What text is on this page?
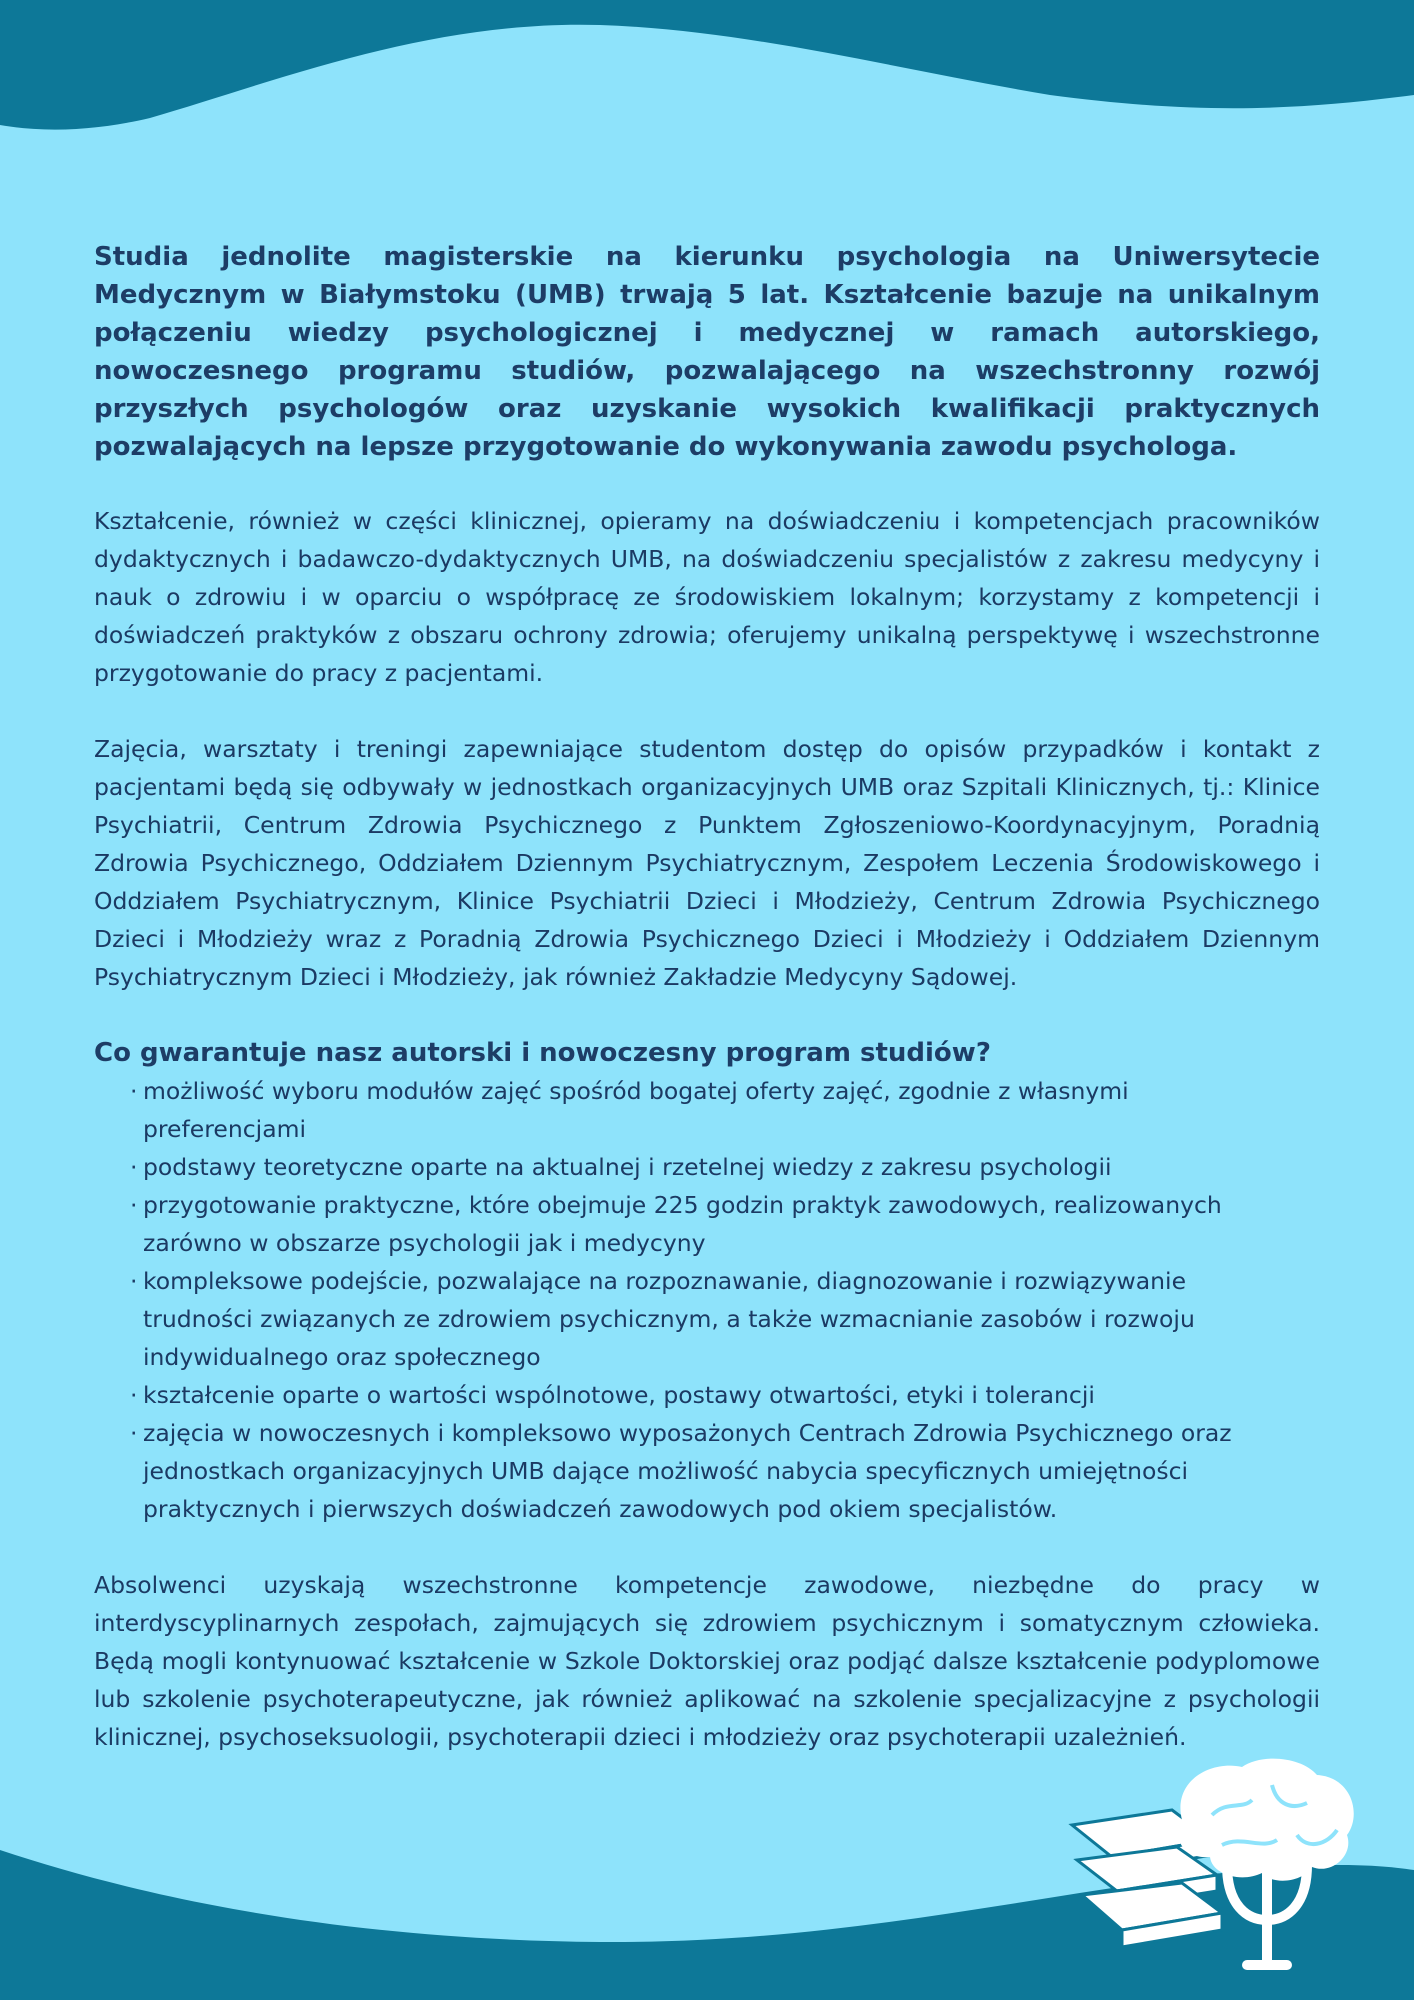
Studia jednolite magisterskie na kierunku psychologia na Uniwersytecie Medycznym w Białymstoku (UMB) trwają 5 lat. Kształcenie bazuje na unikalnym połączeniu wiedzy psychologicznej i medycznej w ramach autorskiego, nowoczesnego programu studiów, pozwalającego na wszechstronny rozwój przyszłych psychologów oraz uzyskanie wysokich kwalifikacji praktycznych pozwalających na lepsze przygotowanie do wykonywania zawodu psychologa.

Kształcenie, również w części klinicznej, opieramy na doświadczeniu i kompetencjach pracowników dydaktycznych i badawczo-dydaktycznych UMB, na doświadczeniu specjalistów z zakresu medycyny i nauk o zdrowiu i w oparciu o współpracę ze środowiskiem lokalnym; korzystamy z kompetencji i doświadczeń praktyków z obszaru ochrony zdrowia; oferujemy unikalną perspektywę i wszechstronne przygotowanie do pracy z pacjentami.

Zajęcia, warsztaty i treningi zapewniające studentom dostęp do opisów przypadków i kontakt z pacjentami będą się odbywały w jednostkach organizacyjnych UMB oraz Szpitali Klinicznych, tj.: Klinice Psychiatrii, Centrum Zdrowia Psychicznego z Punktem Zgłoszeniowo-Koordynacyjnym, Poradnią Zdrowia Psychicznego, Oddziałem Dziennym Psychiatrycznym, Zespołem Leczenia Środowiskowego i Oddziałem Psychiatrycznym, Klinice Psychiatrii Dzieci i Młodzieży, Centrum Zdrowia Psychicznego Dzieci i Młodzieży wraz z Poradnią Zdrowia Psychicznego Dzieci i Młodzieży i Oddziałem Dziennym Psychiatrycznym Dzieci i Młodzieży, jak również Zakładzie Medycyny Sądowej.

Co gwarantuje nasz autorski i nowoczesny program studiów?
· możliwość wyboru modułów zajęć spośród bogatej oferty zajęć, zgodnie z własnymi preferencjami
· podstawy teoretyczne oparte na aktualnej i rzetelnej wiedzy z zakresu psychologii
· przygotowanie praktyczne, które obejmuje 225 godzin praktyk zawodowych, realizowanych zarówno w obszarze psychologii jak i medycyny
· kompleksowe podejście, pozwalające na rozpoznawanie, diagnozowanie i rozwiązywanie trudności związanych ze zdrowiem psychicznym, a także wzmacnianie zasobów i rozwoju indywidualnego oraz społecznego
· kształcenie oparte o wartości wspólnotowe, postawy otwartości, etyki i tolerancji
· zajęcia w nowoczesnych i kompleksowo wyposażonych Centrach Zdrowia Psychicznego oraz jednostkach organizacyjnych UMB dające możliwość nabycia specyficznych umiejętności praktycznych i pierwszych doświadczeń zawodowych pod okiem specjalistów.

Absolwenci uzyskają wszechstronne kompetencje zawodowe, niezbędne do pracy w interdyscyplinarnych zespołach, zajmujących się zdrowiem psychicznym i somatycznym człowieka. Będą mogli kontynuować kształcenie w Szkole Doktorskiej oraz podjąć dalsze kształcenie podyplomowe lub szkolenie psychoterapeutyczne, jak również aplikować na szkolenie specjalizacyjne z psychologii klinicznej, psychoseksuologii, psychoterapii dzieci i młodzieży oraz psychoterapii uzależnień.
